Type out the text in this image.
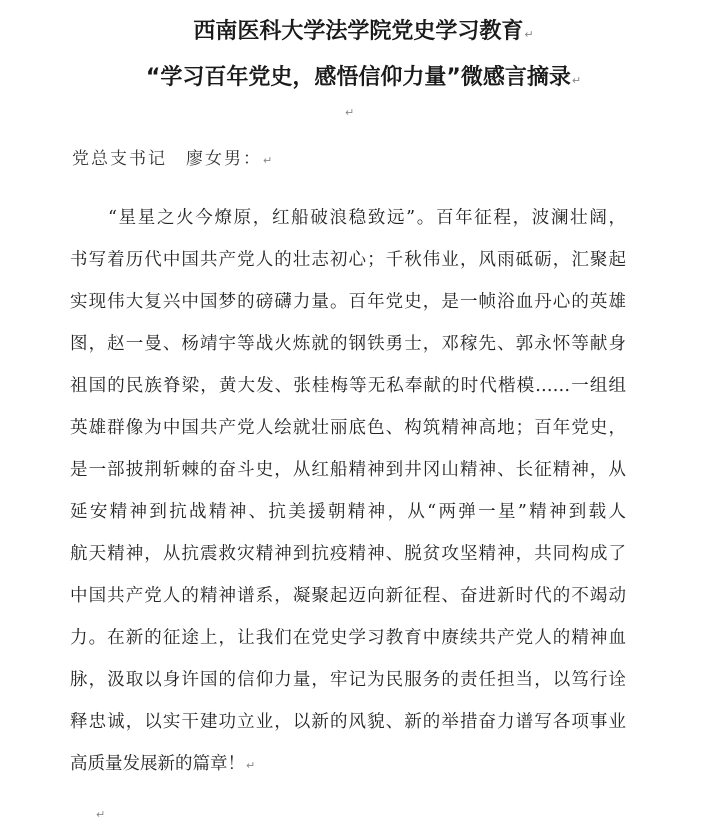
西南医科大学法学院党史学习教育↵
“学习百年党史，感悟信仰力量”微感言摘录↵
↵
党总支书记　廖女男：↵
“星星之火今燎原，红船破浪稳致远”。百年征程，波澜壮阔，
书写着历代中国共产党人的壮志初心；千秋伟业，风雨砥砺，汇聚起
实现伟大复兴中国梦的磅礴力量。百年党史，是一帧浴血丹心的英雄
图，赵一曼、杨靖宇等战火炼就的钢铁勇士，邓稼先、郭永怀等献身
祖国的民族脊梁，黄大发、张桂梅等无私奉献的时代楷模……一组组
英雄群像为中国共产党人绘就壮丽底色、构筑精神高地；百年党史，
是一部披荆斩棘的奋斗史，从红船精神到井冈山精神、长征精神，从
延安精神到抗战精神、抗美援朝精神，从“两弹一星”精神到载人
航天精神，从抗震救灾精神到抗疫精神、脱贫攻坚精神，共同构成了
中国共产党人的精神谱系，凝聚起迈向新征程、奋进新时代的不竭动
力。在新的征途上，让我们在党史学习教育中赓续共产党人的精神血
脉，汲取以身许国的信仰力量，牢记为民服务的责任担当，以笃行诠
释忠诚，以实干建功立业，以新的风貌、新的举措奋力谱写各项事业
高质量发展新的篇章！↵
↵
